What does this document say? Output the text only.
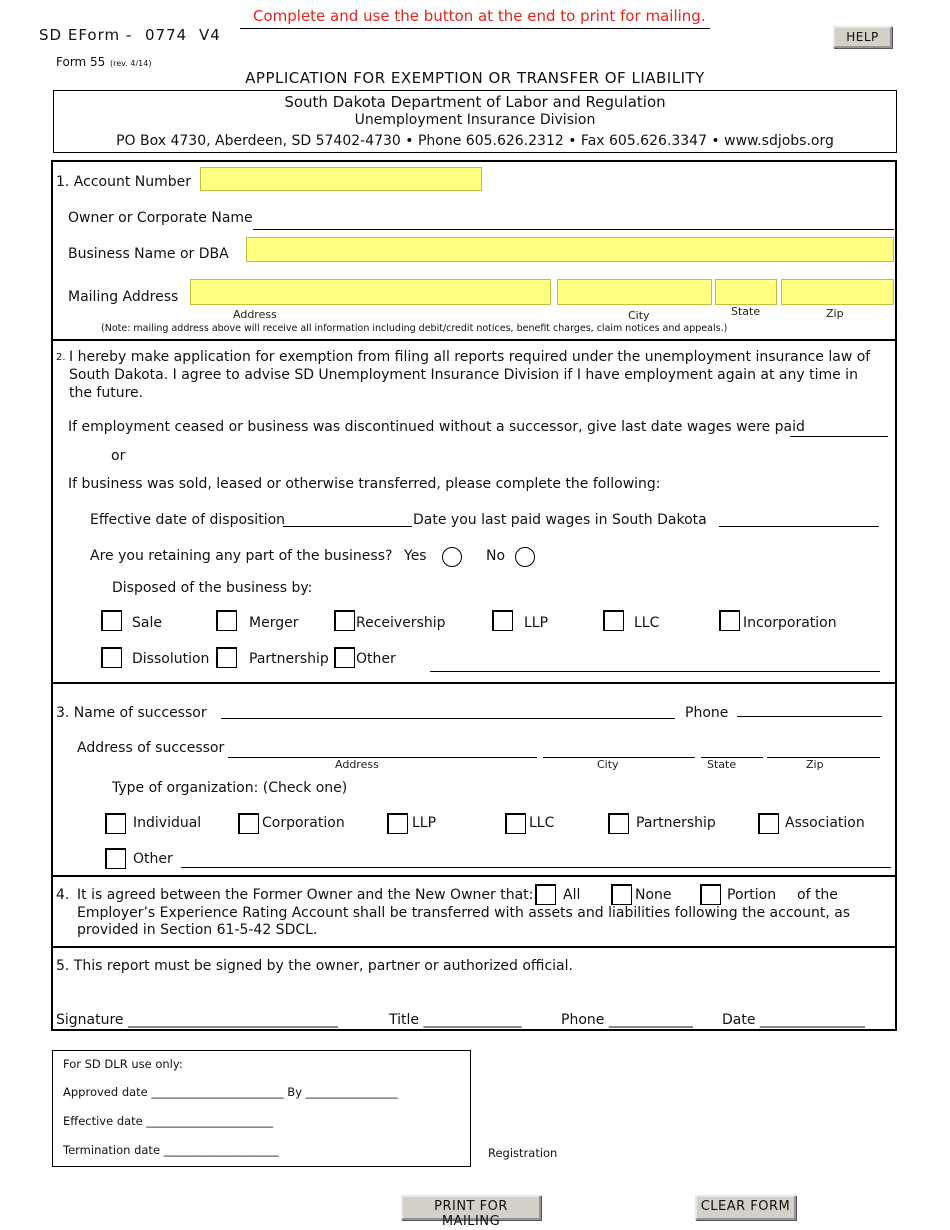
SD EForm - 0774 V4
Complete and use the button at the end to print for mailing.
HELP
Form 55 (rev. 4/14)
APPLICATION FOR EXEMPTION OR TRANSFER OF LIABILITY
South Dakota Department of Labor and Regulation
Unemployment Insurance Division
PO Box 4730, Aberdeen, SD 57402-4730 • Phone 605.626.2312 • Fax 605.626.3347 • www.sdjobs.org
1. Account Number
Owner or Corporate Name
Business Name or DBA
Mailing Address
Address	City	State	Zip
(Note: mailing address above will receive all information including debit/credit notices, benefit charges, claim notices and appeals.)
2. I hereby make application for exemption from filing all reports required under the unemployment insurance law of South Dakota. I agree to advise SD Unemployment Insurance Division if I have employment again at any time in the future.
If employment ceased or business was discontinued without a successor, give last date wages were paid
or
If business was sold, leased or otherwise transferred, please complete the following:
Effective date of disposition	Date you last paid wages in South Dakota
Are you retaining any part of the business? Yes	No
Disposed of the business by:
Sale	Merger	Receivership	LLP	LLC	Incorporation
Dissolution	Partnership Other
3. Name of successor	Phone
Address of successor
Address	City	State	Zip
Type of organization: (Check one)
Individual	Corporation	LLP	LLC	Partnership	Association
Other
4. It is agreed between the Former Owner and the New Owner that: All	None	Portion of the
Employer’s Experience Rating Account shall be transferred with assets and liabilities following the account, as
provided in Section 61-5-42 SDCL.
5. This report must be signed by the owner, partner or authorized official.
Signature ______________________________	Title ______________	Phone ____________ Date _______________
For SD DLR use only:
Approved date _______________________ By ________________
Effective date ______________________
Termination date ____________________	Registration
PRINT FOR MAILING
CLEAR FORM
